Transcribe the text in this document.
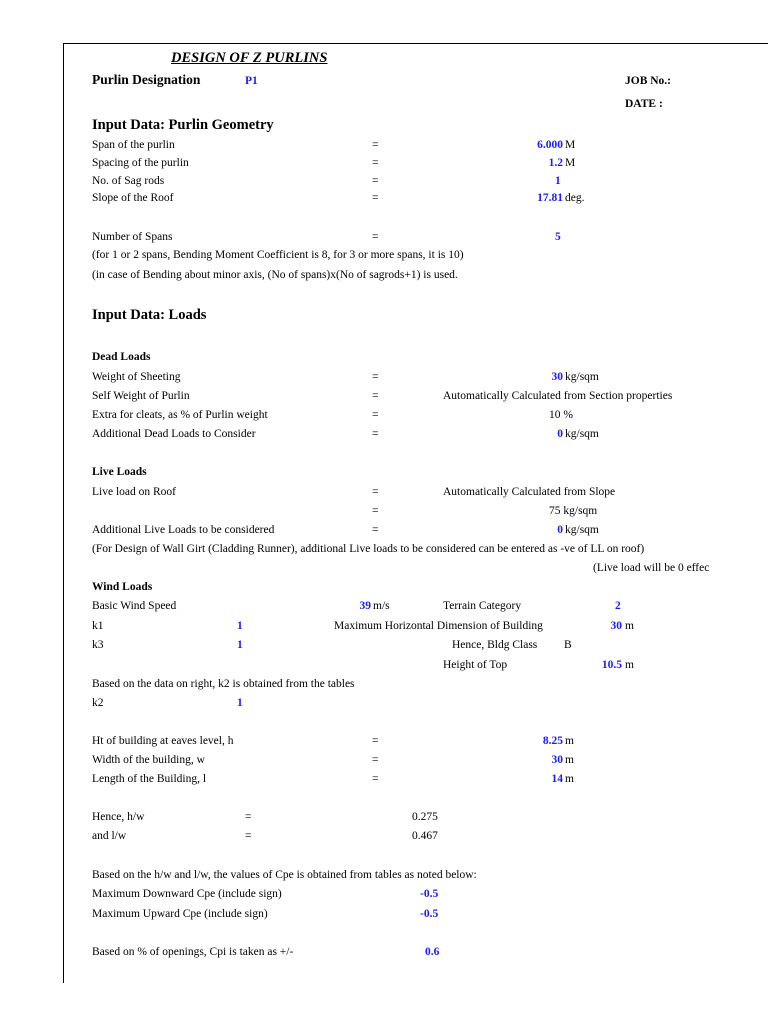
DESIGN OF Z PURLINS
Purlin Designation	P1	JOB No.:
DATE :
Input Data: Purlin Geometry
Span of the purlin	=	6.000 M
Spacing of the purlin	=	1.2 M
No. of Sag rods	=	1
Slope of the Roof	=	17.81 deg.
Number of Spans	=	5
(for 1 or 2 spans, Bending Moment Coefficient is 8, for 3 or more spans, it is 10)
(in case of Bending about minor axis, (No of spans)x(No of sagrods+1) is used.
Input Data: Loads
Dead Loads
Weight of Sheeting	=	30 kg/sqm
Self Weight of Purlin	=	Automatically Calculated from Section properties
Extra for cleats, as % of Purlin weight	=	10 %
Additional Dead Loads to Consider	=	0 kg/sqm
Live Loads
Live load on Roof	=	Automatically Calculated from Slope
=	75 kg/sqm
Additional Live Loads to be considered	=	0 kg/sqm
(For Design of Wall Girt (Cladding Runner), additional Live loads to be considered can be entered as -ve of LL on roof)
(Live load will be 0 effec
Wind Loads
Basic Wind Speed	39 m/s	Terrain Category	2
k1	1	Maximum Horizontal Dimension of Building	30 m
k3	1	Hence, Bldg Class B
Height of Top	10.5 m
Based on the data on right, k2 is obtained from the tables
k2	1
Ht of building at eaves level, h	=	8.25 m
Width of the building, w	=	30 m
Length of the Building, l	=	14 m
Hence, h/w	=	0.275
and l/w	=	0.467
Based on the h/w and l/w, the values of Cpe is obtained from tables as noted below:
Maximum Downward Cpe (include sign)	-0.5
Maximum Upward Cpe (include sign)	-0.5
Based on % of openings, Cpi is taken as +/-	0.6
